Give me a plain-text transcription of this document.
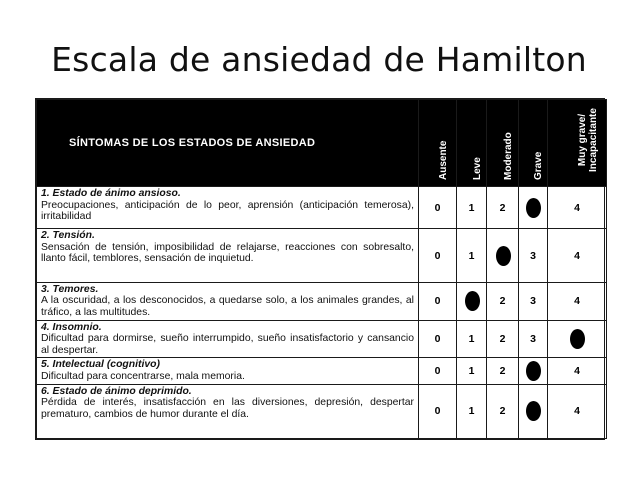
Escala de ansiedad de Hamilton
SÍNTOMAS DE LOS ESTADOS DE ANSIEDAD	Ausente	Leve	Moderado	Grave	Muy grave/ Incapacitante

1. Estado de ánimo ansioso.
Preocupaciones, anticipación de lo peor, aprensión (anticipación temerosa), irritabilidad	0	1	2		4

2. Tensión.
Sensación de tensión, imposibilidad de relajarse, reacciones con sobresalto, llanto fácil, temblores, sensación de inquietud.	0	1		3	4

3. Temores.
A la oscuridad, a los desconocidos, a quedarse solo, a los animales grandes, al tráfico, a las multitudes.	0		2	3	4

4. Insomnio.
Dificultad para dormirse, sueño interrumpido, sueño insatisfactorio y cansancio al despertar.	0	1	2	3	

5. Intelectual (cognitivo)
Dificultad para concentrarse, mala memoria.	0	1	2		4

6. Estado de ánimo deprimido.
Pérdida de interés, insatisfacción en las diversiones, depresión, despertar prematuro, cambios de humor durante el día.	0	1	2		4
